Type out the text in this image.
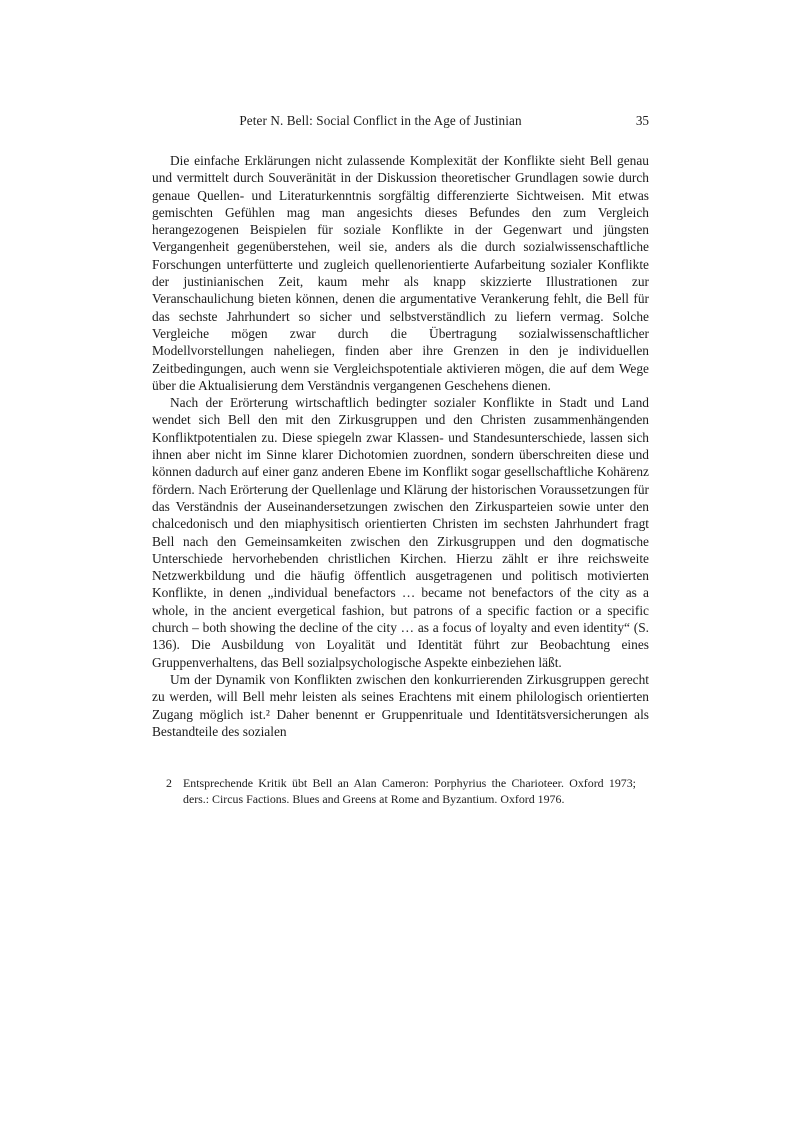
Peter N. Bell: Social Conflict in the Age of Justinian	35

Die einfache Erklärungen nicht zulassende Komplexität der Konflikte sieht Bell genau und vermittelt durch Souveränität in der Diskussion theoretischer Grundlagen sowie durch genaue Quellen- und Literaturkenntnis sorgfältig differenzierte Sichtweisen. Mit etwas gemischten Gefühlen mag man angesichts dieses Befundes den zum Vergleich herangezogenen Beispielen für soziale Konflikte in der Gegenwart und jüngsten Vergangenheit gegenüberstehen, weil sie, anders als die durch sozialwissenschaftliche Forschungen unterfütterte und zugleich quellenorientierte Aufarbeitung sozialer Konflikte der justinianischen Zeit, kaum mehr als knapp skizzierte Illustrationen zur Veranschaulichung bieten können, denen die argumentative Verankerung fehlt, die Bell für das sechste Jahrhundert so sicher und selbstverständlich zu liefern vermag. Solche Vergleiche mögen zwar durch die Übertragung sozialwissenschaftlicher Modellvorstellungen naheliegen, finden aber ihre Grenzen in den je individuellen Zeitbedingungen, auch wenn sie Vergleichspotentiale aktivieren mögen, die auf dem Wege über die Aktualisierung dem Verständnis vergangenen Geschehens dienen.

Nach der Erörterung wirtschaftlich bedingter sozialer Konflikte in Stadt und Land wendet sich Bell den mit den Zirkusgruppen und den Christen zusammenhängenden Konfliktpotentialen zu. Diese spiegeln zwar Klassen- und Standesunterschiede, lassen sich ihnen aber nicht im Sinne klarer Dichotomien zuordnen, sondern überschreiten diese und können dadurch auf einer ganz anderen Ebene im Konflikt sogar gesellschaftliche Kohärenz fördern. Nach Erörterung der Quellenlage und Klärung der historischen Voraussetzungen für das Verständnis der Auseinandersetzungen zwischen den Zirkusparteien sowie unter den chalcedonisch und den miaphysitisch orientierten Christen im sechsten Jahrhundert fragt Bell nach den Gemeinsamkeiten zwischen den Zirkusgruppen und den dogmatische Unterschiede hervorhebenden christlichen Kirchen. Hierzu zählt er ihre reichsweite Netzwerkbildung und die häufig öffentlich ausgetragenen und politisch motivierten Konflikte, in denen „individual benefactors … became not benefactors of the city as a whole, in the ancient evergetical fashion, but patrons of a specific faction or a specific church – both showing the decline of the city … as a focus of loyalty and even identity“ (S. 136). Die Ausbildung von Loyalität und Identität führt zur Beobachtung eines Gruppenverhaltens, das Bell sozialpsychologische Aspekte einbeziehen läßt.

Um der Dynamik von Konflikten zwischen den konkurrierenden Zirkusgruppen gerecht zu werden, will Bell mehr leisten als seines Erachtens mit einem philologisch orientierten Zugang möglich ist.² Daher benennt er Gruppenrituale und Identitätsversicherungen als Bestandteile des sozialen

2 Entsprechende Kritik übt Bell an Alan Cameron: Porphyrius the Charioteer. Oxford 1973; ders.: Circus Factions. Blues and Greens at Rome and Byzantium. Oxford 1976.
